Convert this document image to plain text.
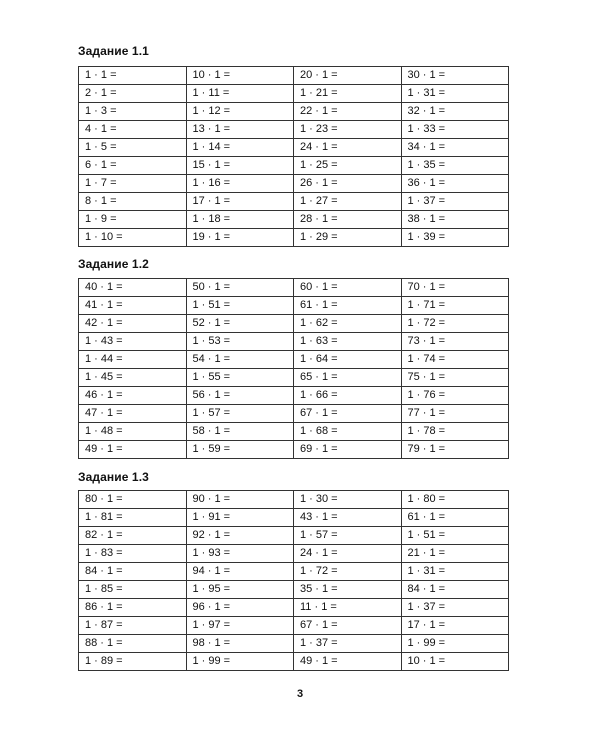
Задание 1.1
1 · 1 =	10 · 1 =	20 · 1 =	30 · 1 =
2 · 1 =	1 · 11 =	1 · 21 =	1 · 31 =
1 · 3 =	1 · 12 =	22 · 1 =	32 · 1 =
4 · 1 =	13 · 1 =	1 · 23 =	1 · 33 =
1 · 5 =	1 · 14 =	24 · 1 =	34 · 1 =
6 · 1 =	15 · 1 =	1 · 25 =	1 · 35 =
1 · 7 =	1 · 16 =	26 · 1 =	36 · 1 =
8 · 1 =	17 · 1 =	1 · 27 =	1 · 37 =
1 · 9 =	1 · 18 =	28 · 1 =	38 · 1 =
1 · 10 =	19 · 1 =	1 · 29 =	1 · 39 =
Задание 1.2
40 · 1 =	50 · 1 =	60 · 1 =	70 · 1 =
41 · 1 =	1 · 51 =	61 · 1 =	1 · 71 =
42 · 1 =	52 · 1 =	1 · 62 =	1 · 72 =
1 · 43 =	1 · 53 =	1 · 63 =	73 · 1 =
1 · 44 =	54 · 1 =	1 · 64 =	1 · 74 =
1 · 45 =	1 · 55 =	65 · 1 =	75 · 1 =
46 · 1 =	56 · 1 =	1 · 66 =	1 · 76 =
47 · 1 =	1 · 57 =	67 · 1 =	77 · 1 =
1 · 48 =	58 · 1 =	1 · 68 =	1 · 78 =
49 · 1 =	1 · 59 =	69 · 1 =	79 · 1 =
Задание 1.3
80 · 1 =	90 · 1 =	1 · 30 =	1 · 80 =
1 · 81 =	1 · 91 =	43 · 1 =	61 · 1 =
82 · 1 =	92 · 1 =	1 · 57 =	1 · 51 =
1 · 83 =	1 · 93 =	24 · 1 =	21 · 1 =
84 · 1 =	94 · 1 =	1 · 72 =	1 · 31 =
1 · 85 =	1 · 95 =	35 · 1 =	84 · 1 =
86 · 1 =	96 · 1 =	11 · 1 =	1 · 37 =
1 · 87 =	1 · 97 =	67 · 1 =	17 · 1 =
88 · 1 =	98 · 1 =	1 · 37 =	1 · 99 =
1 · 89 =	1 · 99 =	49 · 1 =	10 · 1 =
3
